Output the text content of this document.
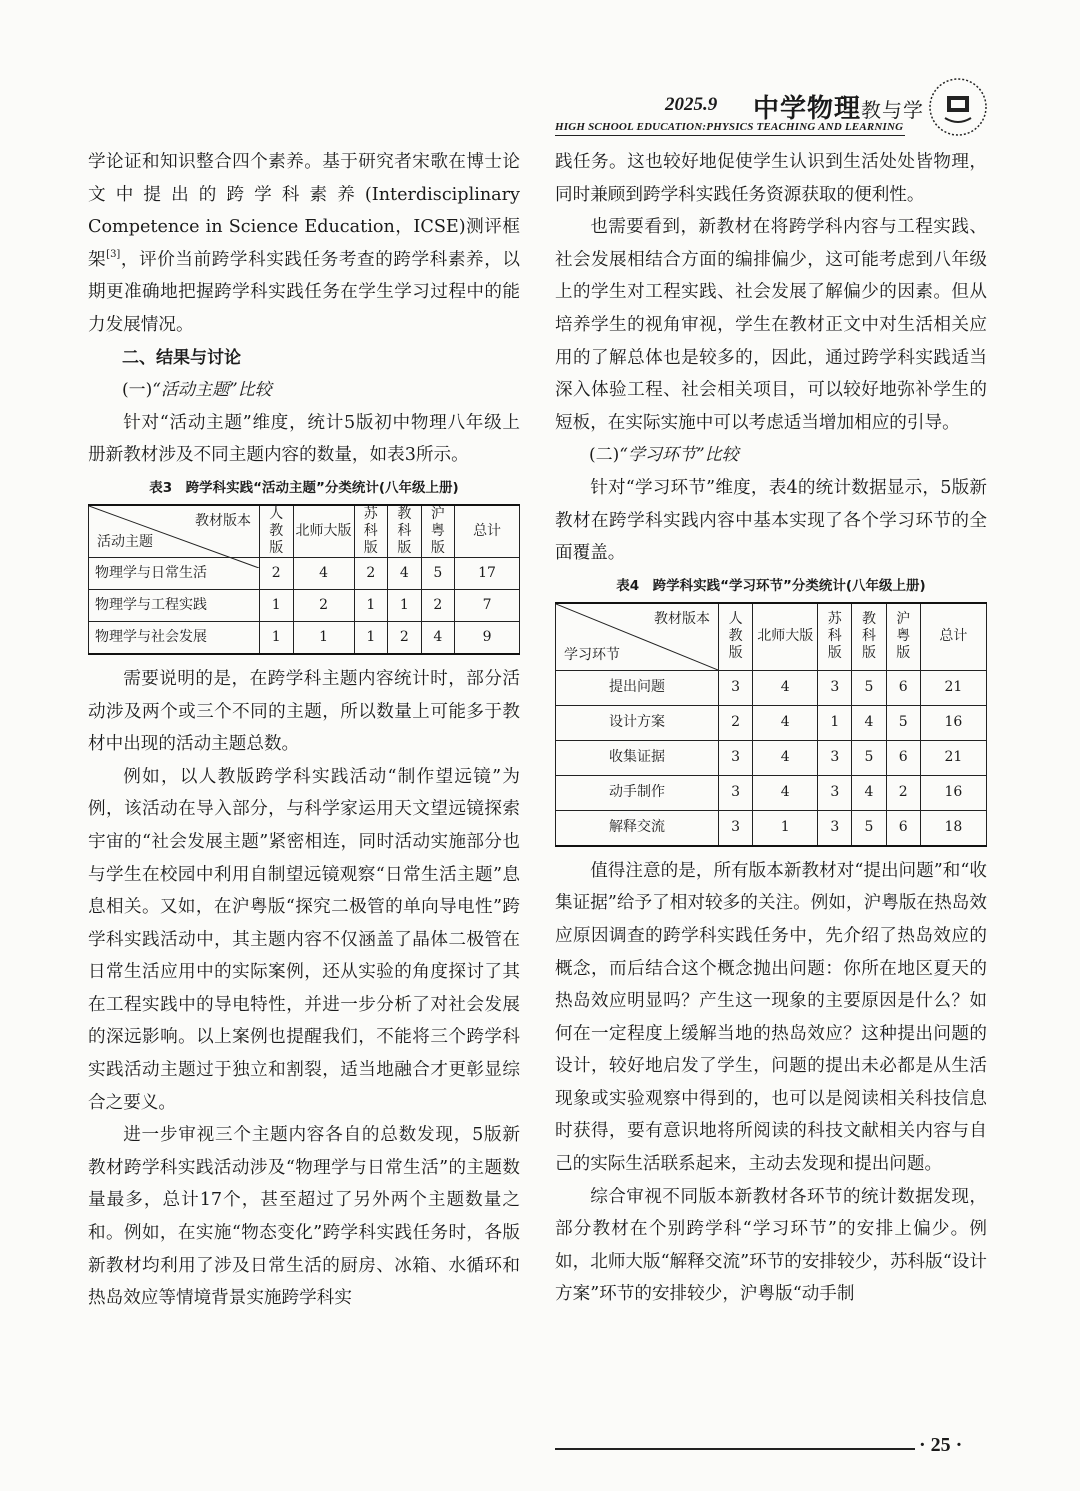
2025.9 中学物理教与学
HIGH SCHOOL EDUCATION:PHYSICS TEACHING AND LEARNING

学论证和知识整合四个素养。基于研究者宋歌在博士论文中提出的跨学科素养(Interdisciplinary Competence in Science Education，ICSE)测评框架[3]，评价当前跨学科实践任务考查的跨学科素养，以期更准确地把握跨学科实践任务在学生学习过程中的能力发展情况。

二、结果与讨论

(一)“活动主题”比较

针对“活动主题”维度，统计5版初中物理八年级上册新教材涉及不同主题内容的数量，如表3所示。

表3　跨学科实践“活动主题”分类统计(八年级上册)
教材版本
活动主题	人教版	北师大版	苏科版	教科版	沪粤版	总计
物理学与日常生活	2	4	2	4	5	17
物理学与工程实践	1	2	1	1	2	7
物理学与社会发展	1	1	1	2	4	9

需要说明的是，在跨学科主题内容统计时，部分活动涉及两个或三个不同的主题，所以数量上可能多于教材中出现的活动主题总数。

例如，以人教版跨学科实践活动“制作望远镜”为例，该活动在导入部分，与科学家运用天文望远镜探索宇宙的“社会发展主题”紧密相连，同时活动实施部分也与学生在校园中利用自制望远镜观察“日常生活主题”息息相关。又如，在沪粤版“探究二极管的单向导电性”跨学科实践活动中，其主题内容不仅涵盖了晶体二极管在日常生活应用中的实际案例，还从实验的角度探讨了其在工程实践中的导电特性，并进一步分析了对社会发展的深远影响。以上案例也提醒我们，不能将三个跨学科实践活动主题过于独立和割裂，适当地融合才更彰显综合之要义。

进一步审视三个主题内容各自的总数发现，5版新教材跨学科实践活动涉及“物理学与日常生活”的主题数量最多，总计17个，甚至超过了另外两个主题数量之和。例如，在实施“物态变化”跨学科实践任务时，各版新教材均利用了涉及日常生活的厨房、冰箱、水循环和热岛效应等情境背景实施跨学科实

践任务。这也较好地促使学生认识到生活处处皆物理，同时兼顾到跨学科实践任务资源获取的便利性。

也需要看到，新教材在将跨学科内容与工程实践、社会发展相结合方面的编排偏少，这可能考虑到八年级上的学生对工程实践、社会发展了解偏少的因素。但从培养学生的视角审视，学生在教材正文中对生活相关应用的了解总体也是较多的，因此，通过跨学科实践适当深入体验工程、社会相关项目，可以较好地弥补学生的短板，在实际实施中可以考虑适当增加相应的引导。

(二)“学习环节”比较

针对“学习环节”维度，表4的统计数据显示，5版新教材在跨学科实践内容中基本实现了各个学习环节的全面覆盖。

表4　跨学科实践“学习环节”分类统计(八年级上册)
教材版本
学习环节	人教版	北师大版	苏科版	教科版	沪粤版	总计
提出问题	3	4	3	5	6	21
设计方案	2	4	1	4	5	16
收集证据	3	4	3	5	6	21
动手制作	3	4	3	4	2	16
解释交流	3	1	3	5	6	18

值得注意的是，所有版本新教材对“提出问题”和“收集证据”给予了相对较多的关注。例如，沪粤版在热岛效应原因调查的跨学科实践任务中，先介绍了热岛效应的概念，而后结合这个概念抛出问题：你所在地区夏天的热岛效应明显吗？产生这一现象的主要原因是什么？如何在一定程度上缓解当地的热岛效应？这种提出问题的设计，较好地启发了学生，问题的提出未必都是从生活现象或实验观察中得到的，也可以是阅读相关科技信息时获得，要有意识地将所阅读的科技文献相关内容与自己的实际生活联系起来，主动去发现和提出问题。

综合审视不同版本新教材各环节的统计数据发现，部分教材在个别跨学科“学习环节”的安排上偏少。例如，北师大版“解释交流”环节的安排较少，苏科版“设计方案”环节的安排较少，沪粤版“动手制

· 25 ·
